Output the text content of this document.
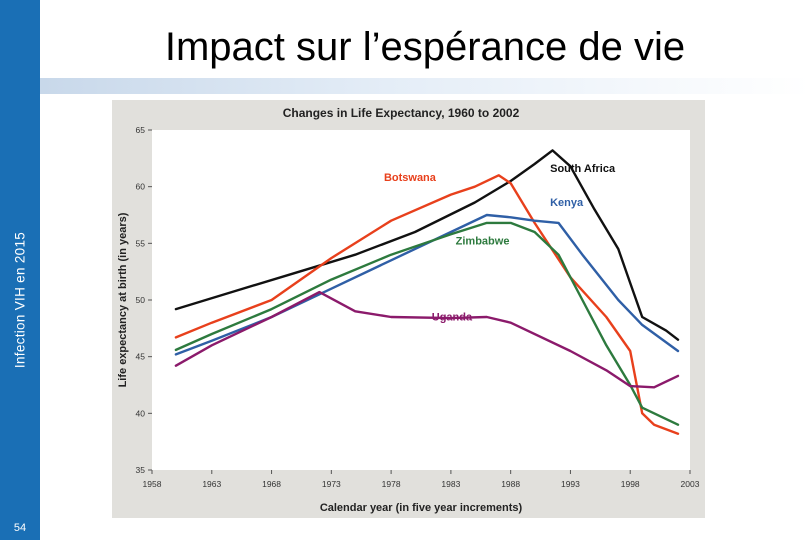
Infection VIH en 2015
54
Impact sur l’espérance de vie
Changes in Life Expectancy, 1960 to 2002
1958	1963	1968	1973	1978	1983	1988	1993	1998	2003
35
40
45
50
55
60
65
Calendar year (in five year increments)
Life expectancy at birth (in years)
South Africa
Botswana
Kenya
Zimbabwe
Uganda
